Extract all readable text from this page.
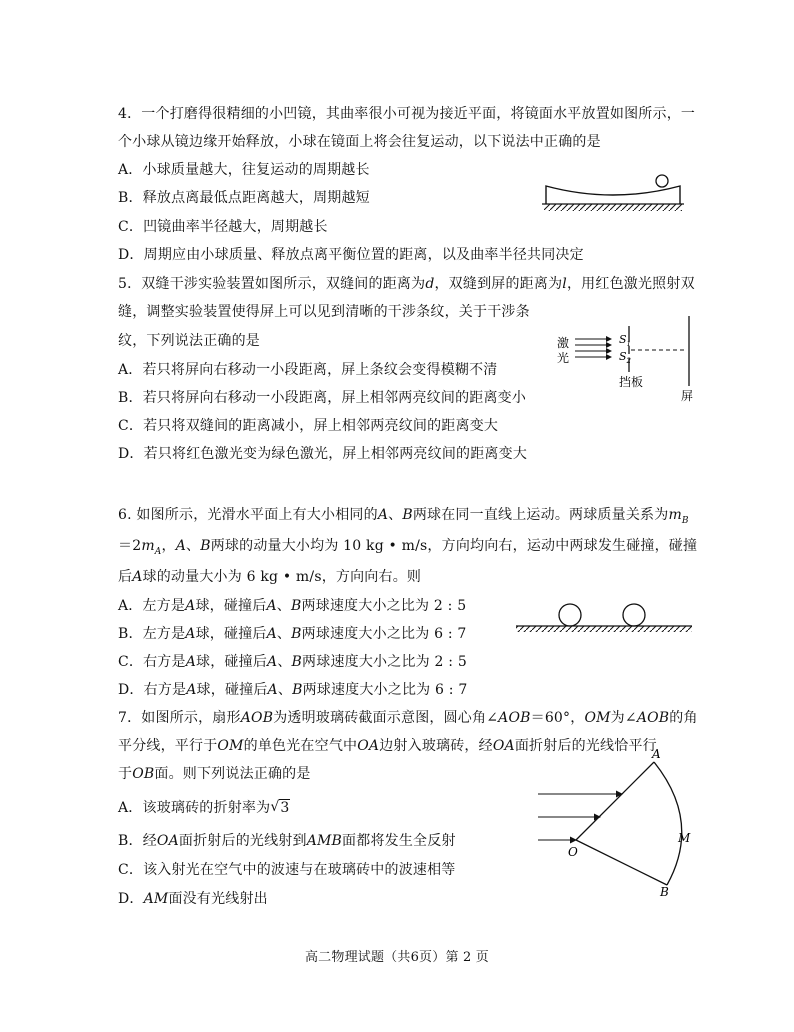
4．一个打磨得很精细的小凹镜，其曲率很小可视为接近平面，将镜面水平放置如图所示，一
个小球从镜边缘开始释放，小球在镜面上将会往复运动，以下说法中正确的是
A．小球质量越大，往复运动的周期越长
B．释放点离最低点距离越大，周期越短
C．凹镜曲率半径越大，周期越长
D．周期应由小球质量、释放点离平衡位置的距离，以及曲率半径共同决定
5．双缝干涉实验装置如图所示，双缝间的距离为d，双缝到屏的距离为l，用红色激光照射双
缝，调整实验装置使得屏上可以见到清晰的干涉条纹，关于干涉条
纹，下列说法正确的是
A．若只将屏向右移动一小段距离，屏上条纹会变得模糊不清
B．若只将屏向右移动一小段距离，屏上相邻两亮纹间的距离变小
C．若只将双缝间的距离减小，屏上相邻两亮纹间的距离变大
D．若只将红色激光变为绿色激光，屏上相邻两亮纹间的距离变大
激
光
$S_1$
$S_2$
挡板
屏
6. 如图所示，光滑水平面上有大小相同的A、B两球在同一直线上运动。两球质量关系为$m_B$
$=2m_A$，A、B两球的动量大小均为 10 kg • m/s，方向均向右，运动中两球发生碰撞，碰撞
后A球的动量大小为 6 kg • m/s，方向向右。则
A．左方是A球，碰撞后A、B两球速度大小之比为 2 : 5
B．左方是A球，碰撞后A、B两球速度大小之比为 6 : 7
C．右方是A球，碰撞后A、B两球速度大小之比为 2 : 5
D．右方是A球，碰撞后A、B两球速度大小之比为 6 : 7
7．如图所示，扇形AOB为透明玻璃砖截面示意图，圆心角∠AOB＝60°，OM为∠AOB的角
平分线，平行于OM的单色光在空气中OA边射入玻璃砖，经OA面折射后的光线恰平行
于OB面。则下列说法正确的是
A．该玻璃砖的折射率为√ 3
B．经OA面折射后的光线射到AMB面都将发生全反射
C．该入射光在空气中的波速与在玻璃砖中的波速相等
D．AM面没有光线射出
A
M
O
B
高二物理试题（共6页）第 2 页
